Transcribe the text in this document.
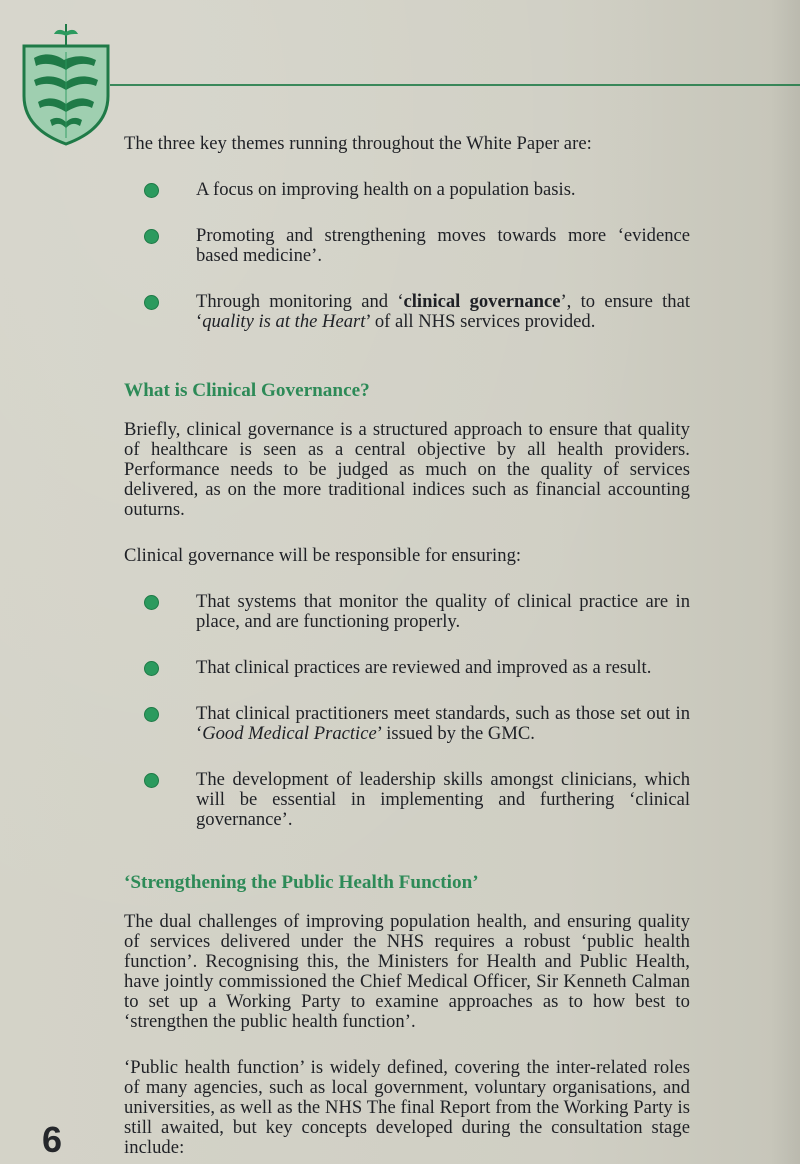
The three key themes running throughout the White Paper are:

A focus on improving health on a population basis.
Promoting and strengthening moves towards more ‘evidence based medicine’.
Through monitoring and ‘clinical governance’, to ensure that ‘quality is at the Heart’ of all NHS services provided.
What is Clinical Governance?

Briefly, clinical governance is a structured approach to ensure that quality of healthcare is seen as a central objective by all health providers. Performance needs to be judged as much on the quality of services delivered, as on the more traditional indices such as financial accounting outurns.

Clinical governance will be responsible for ensuring:

That systems that monitor the quality of clinical practice are in place, and are functioning properly.
That clinical practices are reviewed and improved as a result.
That clinical practitioners meet standards, such as those set out in ‘Good Medical Practice’ issued by the GMC.
The development of leadership skills amongst clinicians, which will be essential in implementing and furthering ‘clinical governance’.
‘Strengthening the Public Health Function’

The dual challenges of improving population health, and ensuring quality of services delivered under the NHS requires a robust ‘public health function’. Recognising this, the Ministers for Health and Public Health, have jointly commissioned the Chief Medical Officer, Sir Kenneth Calman to set up a Working Party to examine approaches as to how best to ‘strengthen the public health function’.

‘Public health function’ is widely defined, covering the inter-related roles of many agencies, such as local government, voluntary organisations, and universities, as well as the NHS The final Report from the Working Party is still awaited, but key concepts developed during the consultation stage include:

6
